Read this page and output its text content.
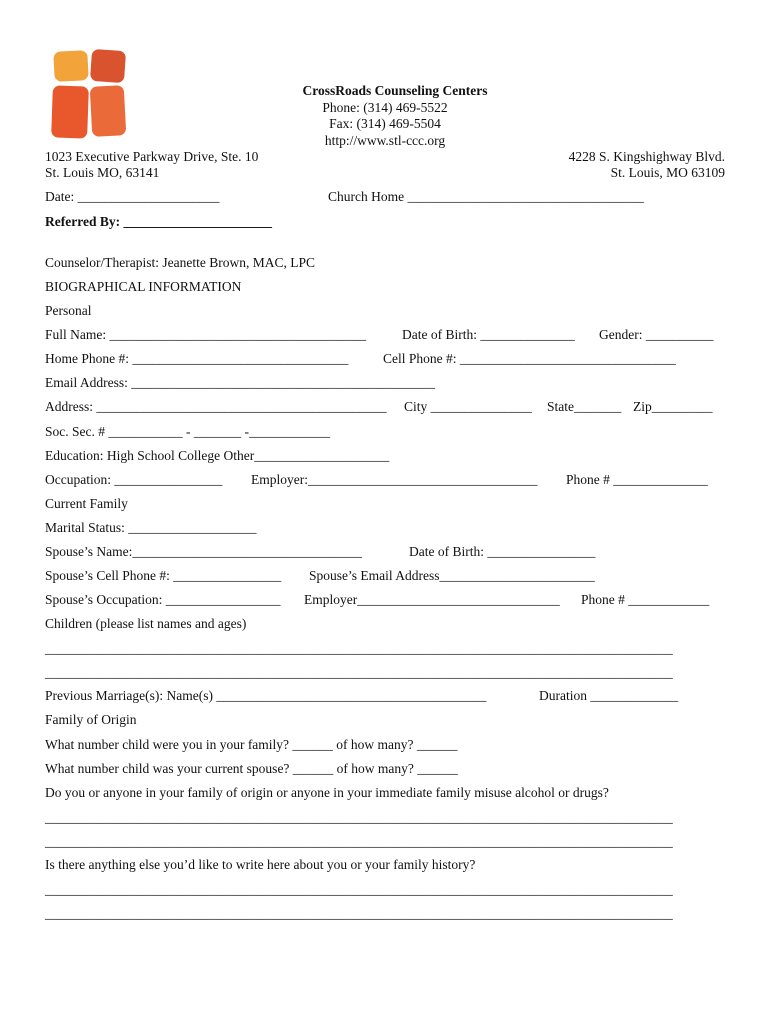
CrossRoads Counseling Centers
Phone: (314) 469-5522
Fax: (314) 469-5504
http://www.stl-ccc.org
1023 Executive Parkway Drive, Ste. 10
St. Louis MO, 63141
4228 S. Kingshighway Blvd.
St. Louis, MO 63109
Date: _____________________	Church Home ___________________________________
Referred By: ______________________
Counselor/Therapist: Jeanette Brown, MAC, LPC
BIOGRAPHICAL INFORMATION
Personal
Full Name: ______________________________________	Date of Birth: ______________ Gender: __________
Home Phone #: ________________________________	Cell Phone #: ________________________________
Email Address: _____________________________________________
Address: ___________________________________________ City _______________ State_______ Zip_________
Soc. Sec. # ___________ - _______ -____________
Education: High School College Other____________________
Occupation: ________________ Employer:__________________________________ Phone # ______________
Current Family
Marital Status: ___________________
Spouse’s Name:__________________________________	Date of Birth: ________________
Spouse’s Cell Phone #: ________________ Spouse’s Email Address_______________________
Spouse’s Occupation: _________________ Employer______________________________ Phone # ____________
Children (please list names and ages)
_____________________________________________________________________________________________
_____________________________________________________________________________________________
Previous Marriage(s): Name(s) ________________________________________	Duration _____________
Family of Origin
What number child were you in your family? ______ of how many? ______
What number child was your current spouse? ______ of how many? ______
Do you or anyone in your family of origin or anyone in your immediate family misuse alcohol or drugs?
_____________________________________________________________________________________________
_____________________________________________________________________________________________
Is there anything else you’d like to write here about you or your family history?
_____________________________________________________________________________________________
_____________________________________________________________________________________________
